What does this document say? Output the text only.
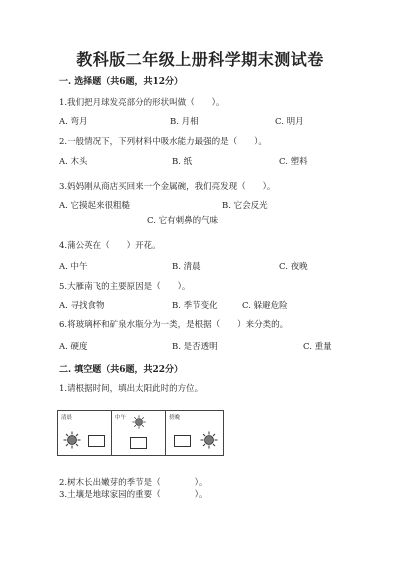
教科版二年级上册科学期末测试卷
一. 选择题（共6题，共12分）
1.我们把月球发亮部分的形状叫做（　　）。
A. 弯月	B. 月相	C. 明月
2.一般情况下，下列材料中吸水能力最强的是（　　）。
A. 木头	B. 纸	C. 塑料
3.妈妈刚从商店买回来一个金属碗，我们亮发现（　　）。
A. 它摸起来很粗糙	B. 它会反光
C. 它有刺鼻的气味
4.蒲公英在（　　）开花。
A. 中午	B. 清晨	C. 夜晚
5.大雁南飞的主要原因是（　　）。
A. 寻找食物	B. 季节变化	C. 躲避危险
6.将玻璃杯和矿泉水瓶分为一类，是根据（　　）来分类的。
A. 硬度	B. 是否透明	C. 重量
二. 填空题（共6题，共22分）
1.请根据时间，填出太阳此时的方位。
清晨	中午	傍晚
2.树木长出嫩芽的季节是（　　　　）。
3.土壤是地球家园的重要（　　　　）。
